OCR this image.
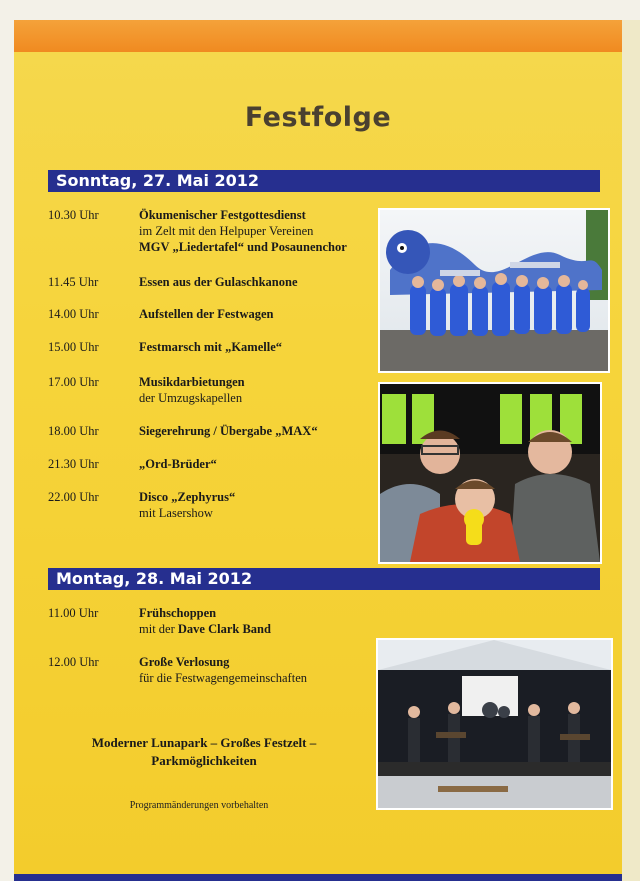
Festfolge
Sonntag, 27. Mai 2012
10.30 Uhr	Ökumenischer Festgottesdienst
im Zelt mit den Helpuper Vereinen
MGV „Liedertafel“ und Posaunenchor
11.45 Uhr	Essen aus der Gulaschkanone
14.00 Uhr	Aufstellen der Festwagen
15.00 Uhr	Festmarsch mit „Kamelle“
17.00 Uhr	Musikdarbietungen
der Umzugskapellen
18.00 Uhr	Siegerehrung / Übergabe „MAX“
21.30 Uhr	„Ord-Brüder“
22.00 Uhr	Disco „Zephyrus“
mit Lasershow
Montag, 28. Mai 2012
11.00 Uhr	Frühschoppen
mit der Dave Clark Band
12.00 Uhr	Große Verlosung
für die Festwagengemeinschaften
Moderner Lunapark – Großes Festzelt –
Parkmöglichkeiten
Programmänderungen vorbehalten
